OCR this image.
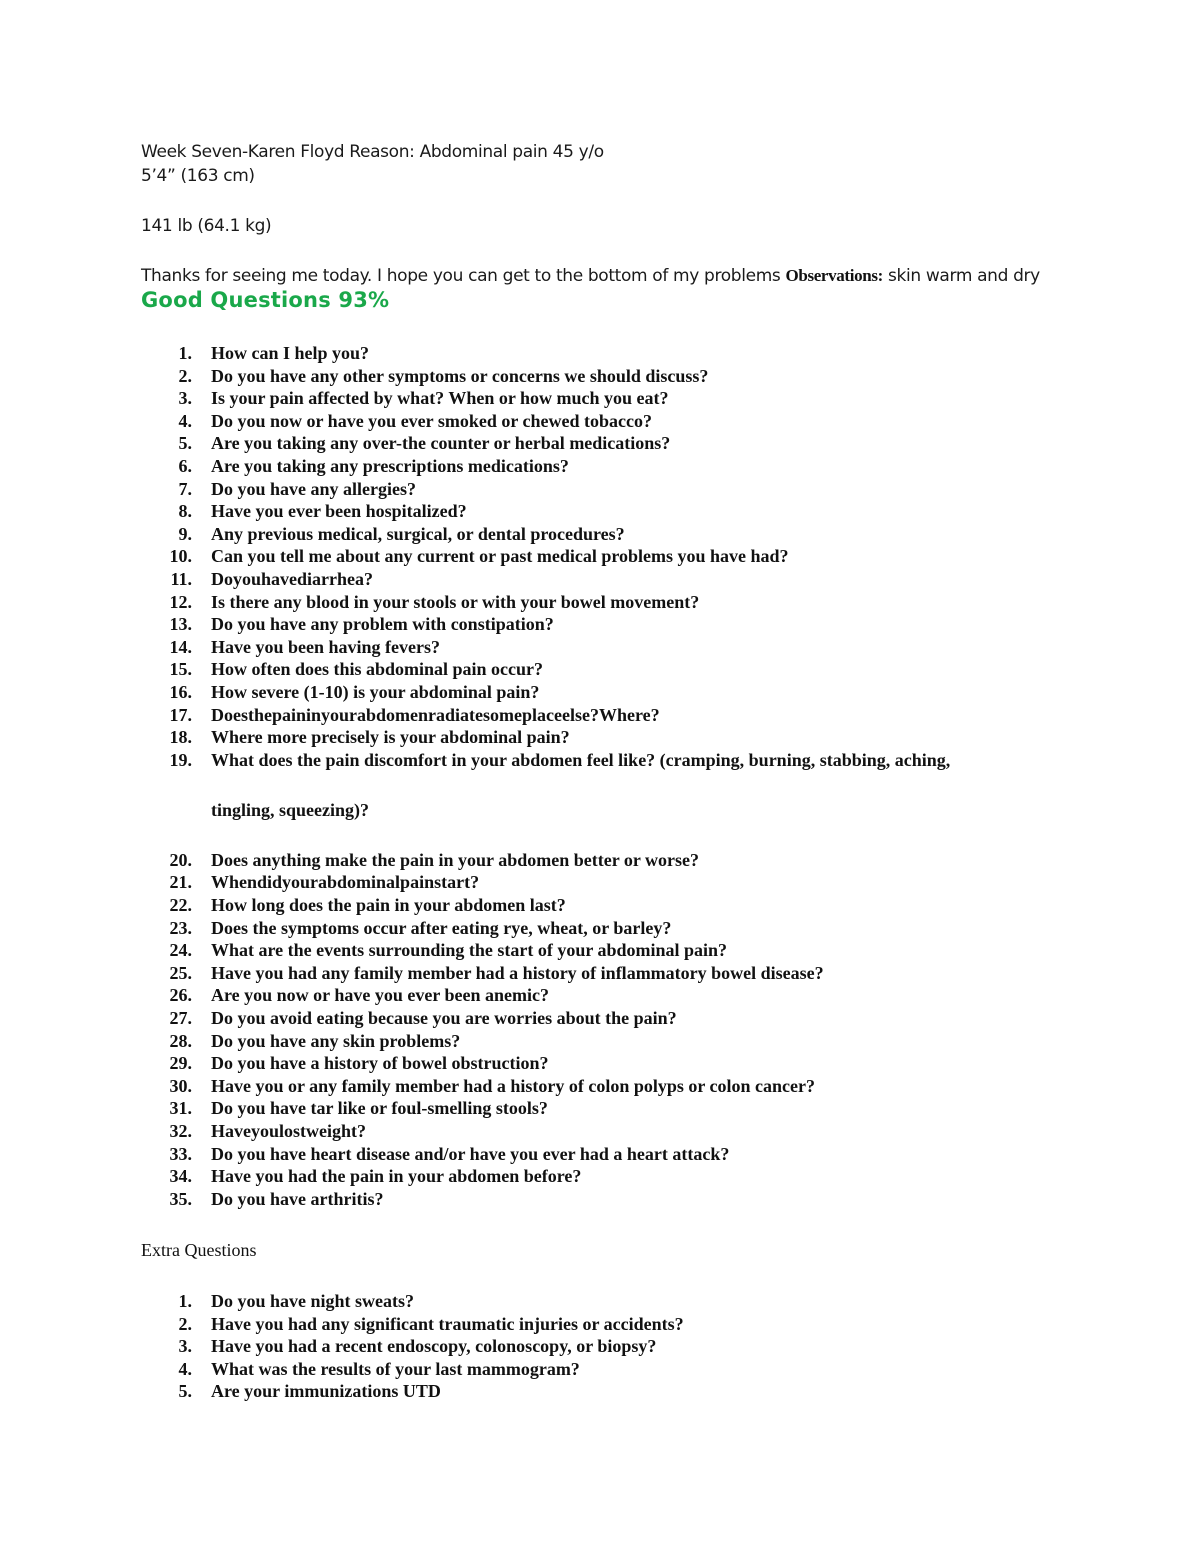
Week Seven-Karen Floyd Reason: Abdominal pain 45 y/o
5’4” (163 cm)
141 lb (64.1 kg)
Thanks for seeing me today. I hope you can get to the bottom of my problems Observations: skin warm and dry
Good Questions 93%
1. How can I help you?
2. Do you have any other symptoms or concerns we should discuss?
3. Is your pain affected by what? When or how much you eat?
4. Do you now or have you ever smoked or chewed tobacco?
5. Are you taking any over-the counter or herbal medications?
6. Are you taking any prescriptions medications?
7. Do you have any allergies?
8. Have you ever been hospitalized?
9. Any previous medical, surgical, or dental procedures?
10. Can you tell me about any current or past medical problems you have had?
11. Doyouhavediarrhea?
12. Is there any blood in your stools or with your bowel movement?
13. Do you have any problem with constipation?
14. Have you been having fevers?
15. How often does this abdominal pain occur?
16. How severe (1-10) is your abdominal pain?
17. Doesthepaininyourabdomenradiatesomeplaceelse?Where?
18. Where more precisely is your abdominal pain?
19. What does the pain discomfort in your abdomen feel like? (cramping, burning, stabbing, aching,
tingling, squeezing)?
20. Does anything make the pain in your abdomen better or worse?
21. Whendidyourabdominalpainstart?
22. How long does the pain in your abdomen last?
23. Does the symptoms occur after eating rye, wheat, or barley?
24. What are the events surrounding the start of your abdominal pain?
25. Have you had any family member had a history of inflammatory bowel disease?
26. Are you now or have you ever been anemic?
27. Do you avoid eating because you are worries about the pain?
28. Do you have any skin problems?
29. Do you have a history of bowel obstruction?
30. Have you or any family member had a history of colon polyps or colon cancer?
31. Do you have tar like or foul-smelling stools?
32. Haveyoulostweight?
33. Do you have heart disease and/or have you ever had a heart attack?
34. Have you had the pain in your abdomen before?
35. Do you have arthritis?
Extra Questions
1. Do you have night sweats?
2. Have you had any significant traumatic injuries or accidents?
3. Have you had a recent endoscopy, colonoscopy, or biopsy?
4. What was the results of your last mammogram?
5. Are your immunizations UTD
